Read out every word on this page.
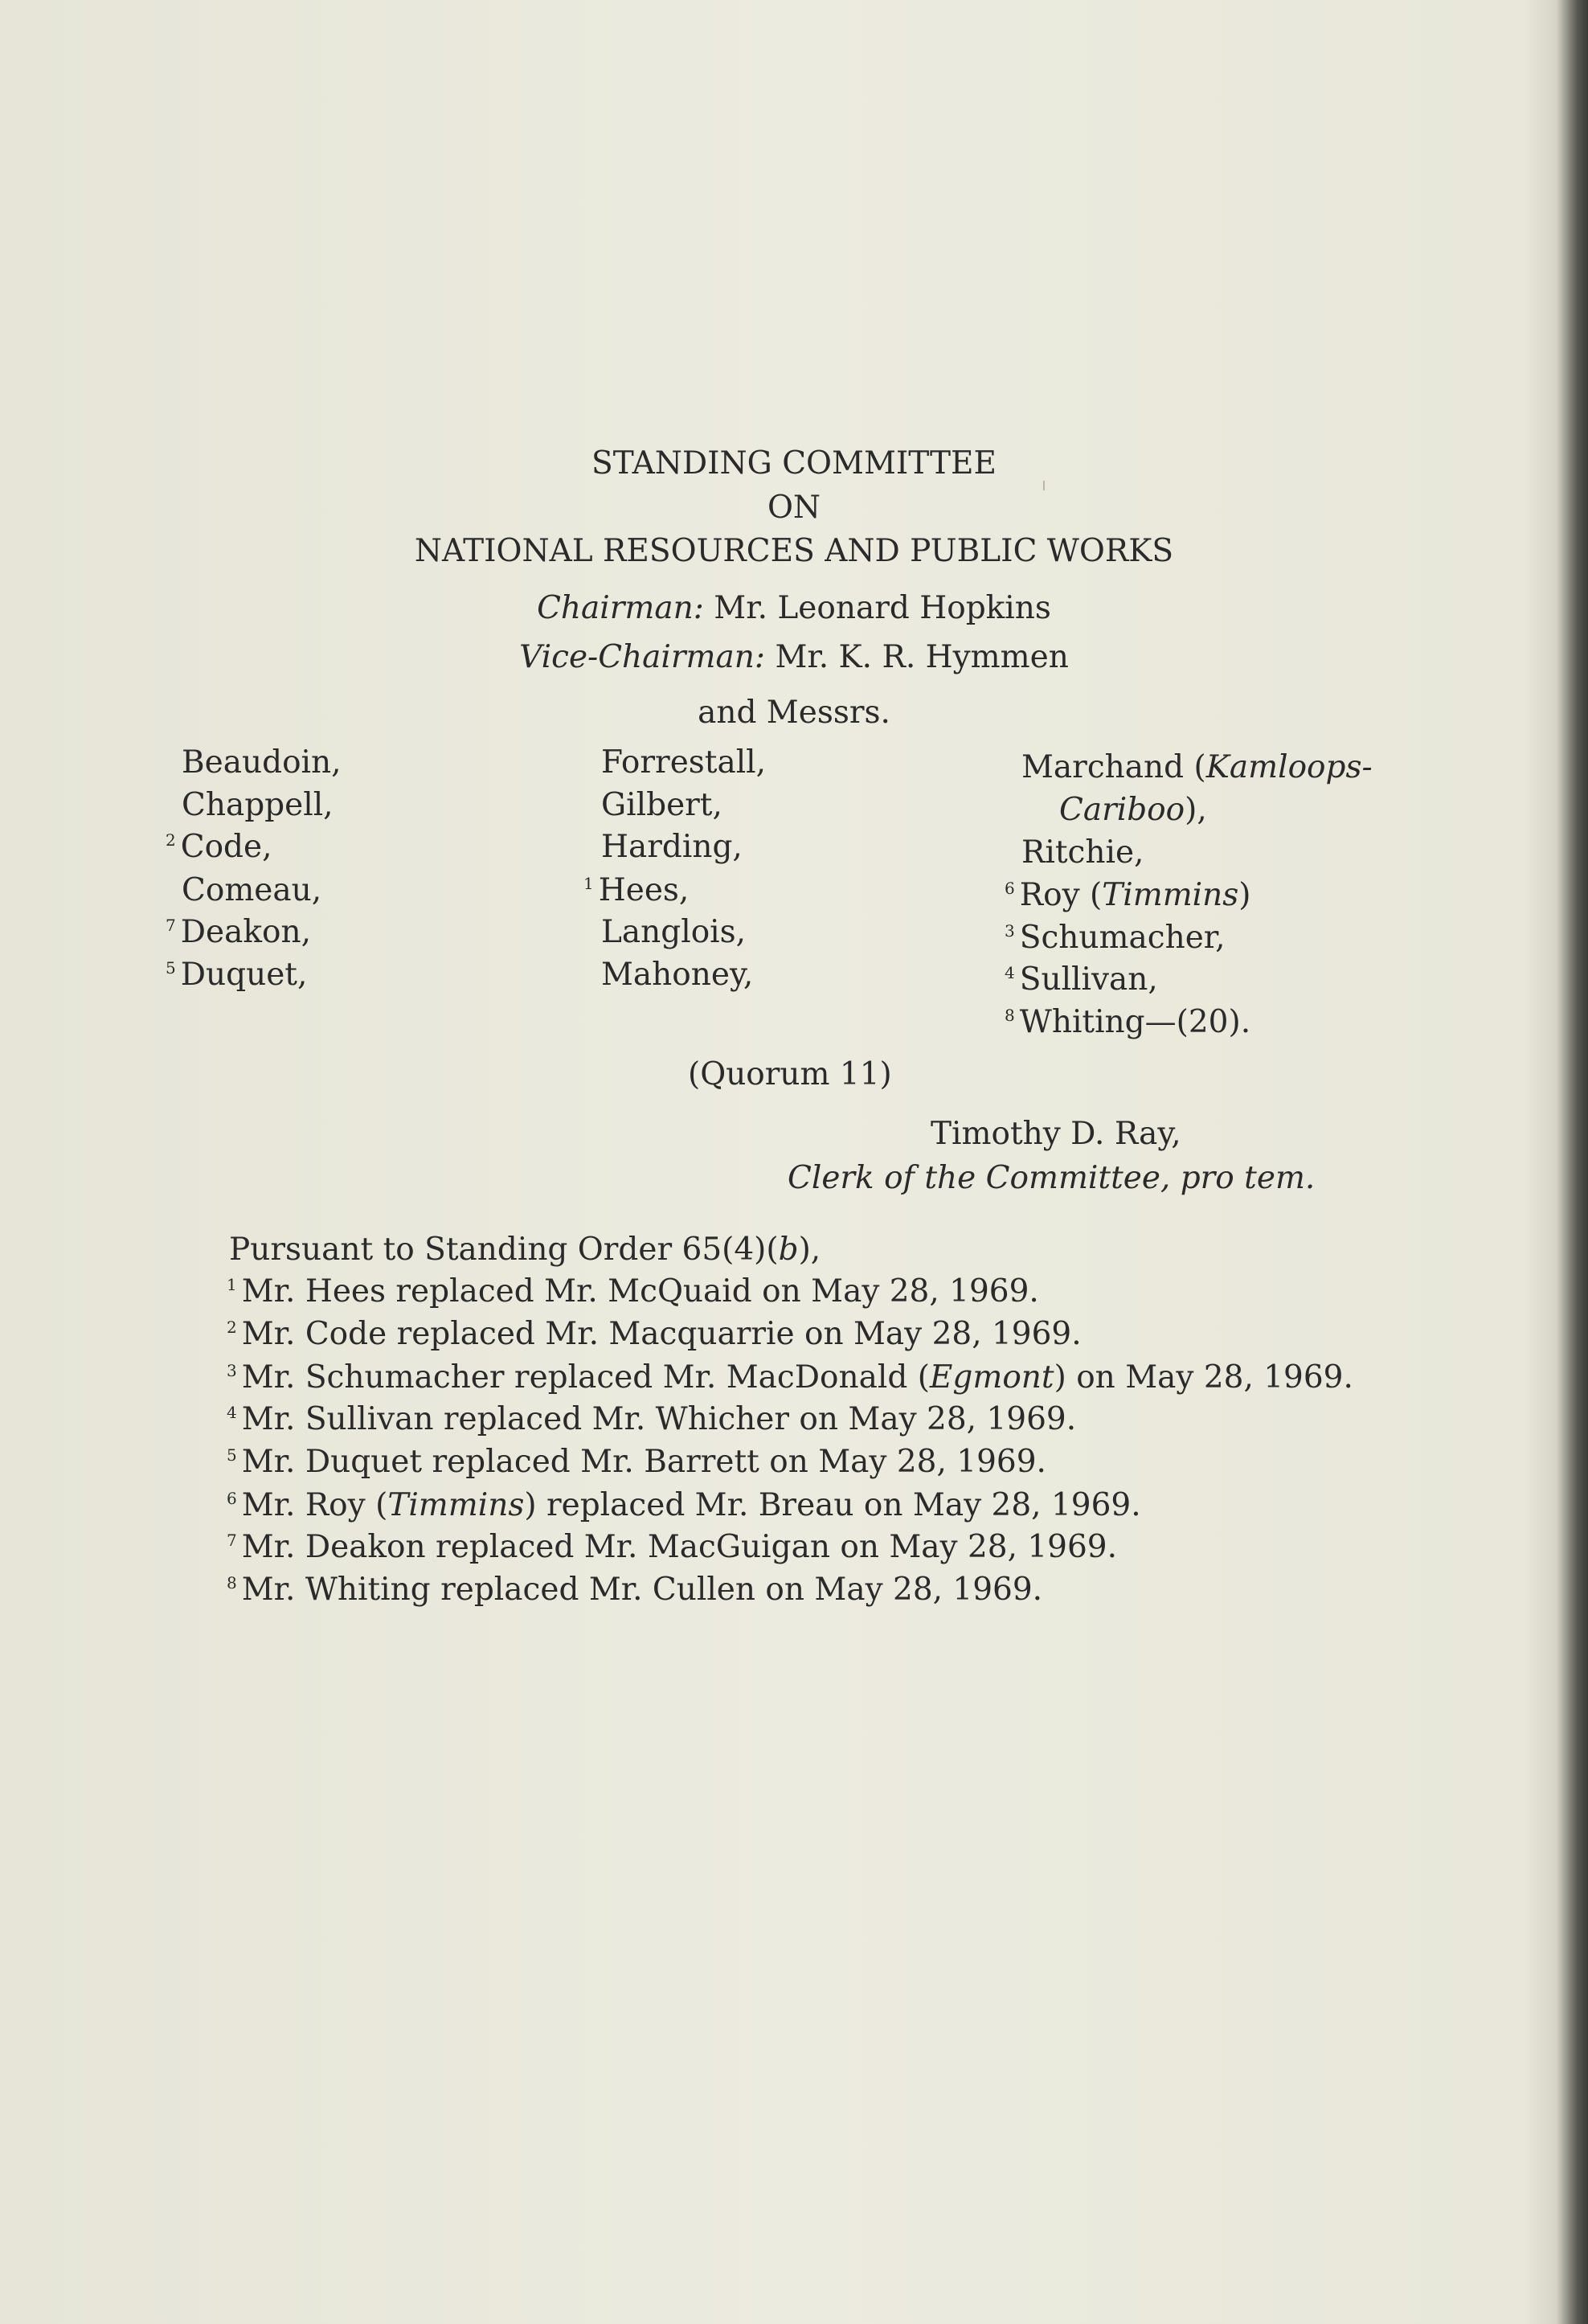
STANDING COMMITTEE
ON
NATIONAL RESOURCES AND PUBLIC WORKS
Chairman: Mr. Leonard Hopkins
Vice-Chairman: Mr. K. R. Hymmen
and Messrs.
Beaudoin,
Chappell,
$^2$ Code,
Comeau,
$^7$ Deakon,
$^5$ Duquet,
Forrestall,
Gilbert,
Harding,
$^1$ Hees,
Langlois,
Mahoney,
Marchand (Kamloops-
Cariboo),
Ritchie,
$^6$ Roy (Timmins)
$^3$ Schumacher,
$^4$ Sullivan,
$^8$ Whiting—(20).
(Quorum 11)
Timothy D. Ray,
Clerk of the Committee, pro tem.
Pursuant to Standing Order 65(4)(b),
$^1$ Mr. Hees replaced Mr. McQuaid on May 28, 1969.
$^2$ Mr. Code replaced Mr. Macquarrie on May 28, 1969.
$^3$ Mr. Schumacher replaced Mr. MacDonald (Egmont) on May 28, 1969.
$^4$ Mr. Sullivan replaced Mr. Whicher on May 28, 1969.
$^5$ Mr. Duquet replaced Mr. Barrett on May 28, 1969.
$^6$ Mr. Roy (Timmins) replaced Mr. Breau on May 28, 1969.
$^7$ Mr. Deakon replaced Mr. MacGuigan on May 28, 1969.
$^8$ Mr. Whiting replaced Mr. Cullen on May 28, 1969.
